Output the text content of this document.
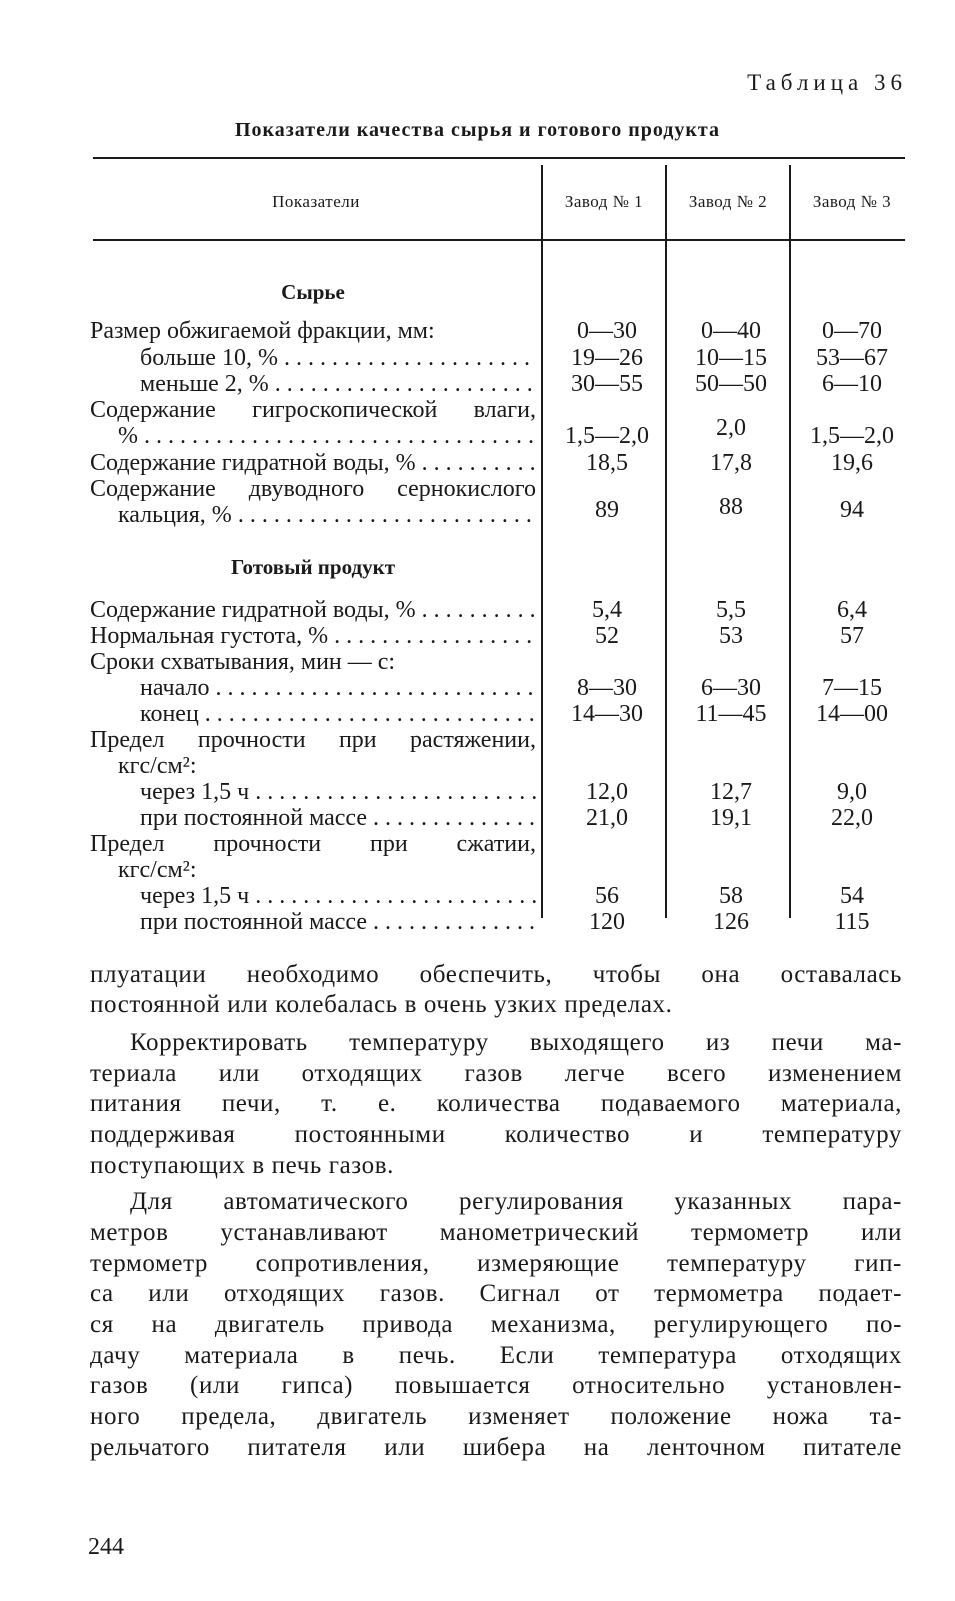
Таблица 36
Показатели качества сырья и готового продукта
Показатели	Завод № 1	Завод № 2	Завод № 3
Сырье
Размер обжигаемой фракции, мм:	0—30	0—40	0—70
больше 10, % . . .	19—26	10—15	53—67
меньше 2, % . . .	30—55	50—50	6—10
Содержание гигроскопической влаги,
% . . .	1,5—2,0	2,0	1,5—2,0
Содержание гидратной воды, % . . .	18,5	17,8	19,6
Содержание двуводного сернокислого
кальция, % . . .	89	88	94
Готовый продукт
Содержание гидратной воды, % . . .	5,4	5,5	6,4
Нормальная густота, % . . .	52	53	57
Сроки схватывания, мин — с:
начало . . .	8—30	6—30	7—15
конец . . .	14—30	11—45	14—00
Предел прочности при растяжении,
кгс/см²:
через 1,5 ч . . .	12,0	12,7	9,0
при постоянной массе . . .	21,0	19,1	22,0
Предел прочности при сжатии,
кгс/см²:
через 1,5 ч . . .	56	58	54
при постоянной массе . . .	120	126	115
плуатации необходимо обеспечить, чтобы она оставалась
постоянной или колебалась в очень узких пределах.
Корректировать температуру выходящего из печи ма-
териала или отходящих газов легче всего изменением
питания печи, т. е. количества подаваемого материала,
поддерживая постоянными количество и температуру
поступающих в печь газов.
Для автоматического регулирования указанных пара-
метров устанавливают манометрический термометр или
термометр сопротивления, измеряющие температуру гип-
са или отходящих газов. Сигнал от термометра подает-
ся на двигатель привода механизма, регулирующего по-
дачу материала в печь. Если температура отходящих
газов (или гипса) повышается относительно установлен-
ного предела, двигатель изменяет положение ножа та-
рельчатого питателя или шибера на ленточном питателе
244
